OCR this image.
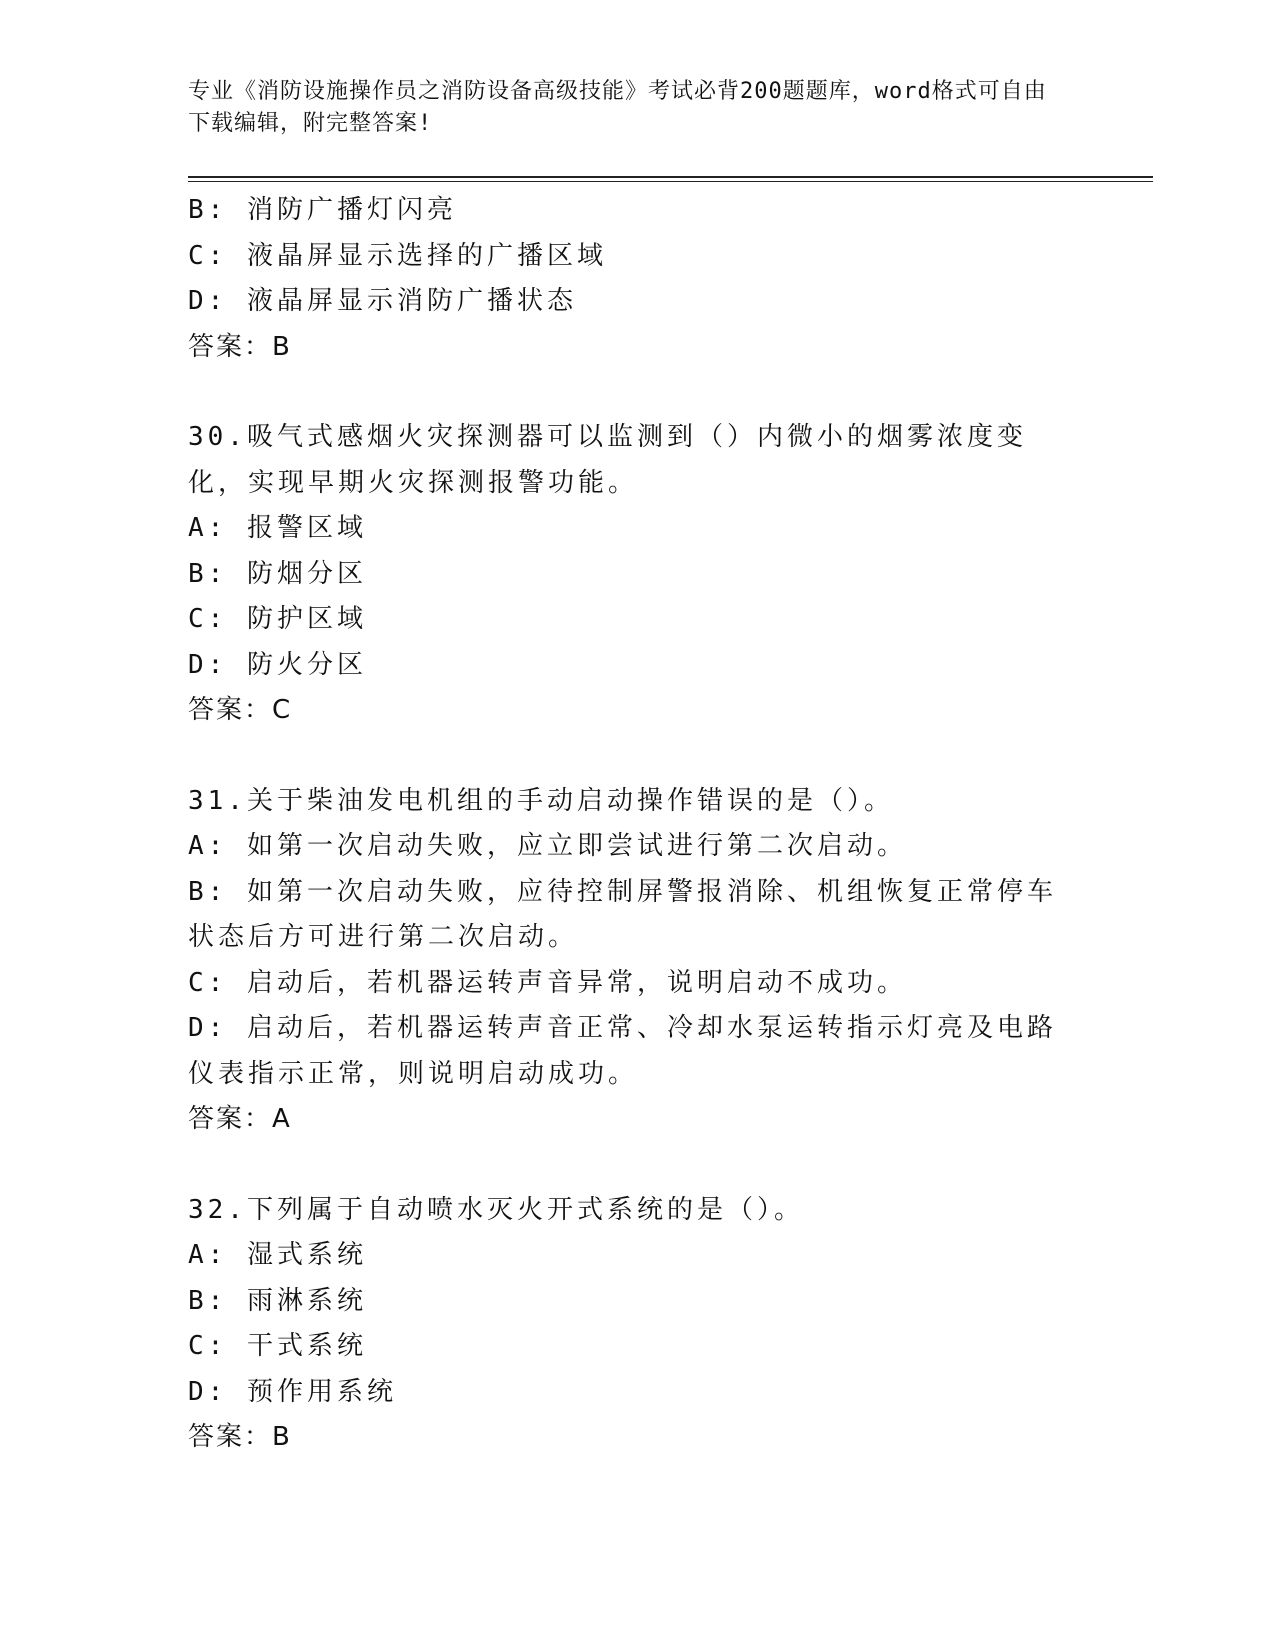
专业《消防设施操作员之消防设备高级技能》考试必背200题题库，word格式可自由下载编辑，附完整答案!
B: 消防广播灯闪亮
C: 液晶屏显示选择的广播区域
D: 液晶屏显示消防广播状态
答案：B
30.吸气式感烟火灾探测器可以监测到（）内微小的烟雾浓度变化，实现早期火灾探测报警功能。
A: 报警区域
B: 防烟分区
C: 防护区域
D: 防火分区
答案：C
31.关于柴油发电机组的手动启动操作错误的是（）。
A: 如第一次启动失败，应立即尝试进行第二次启动。
B: 如第一次启动失败，应待控制屏警报消除、机组恢复正常停车状态后方可进行第二次启动。
C: 启动后，若机器运转声音异常，说明启动不成功。
D: 启动后，若机器运转声音正常、冷却水泵运转指示灯亮及电路仪表指示正常，则说明启动成功。
答案：A
32.下列属于自动喷水灭火开式系统的是（）。
A: 湿式系统
B: 雨淋系统
C: 干式系统
D: 预作用系统
答案：B
